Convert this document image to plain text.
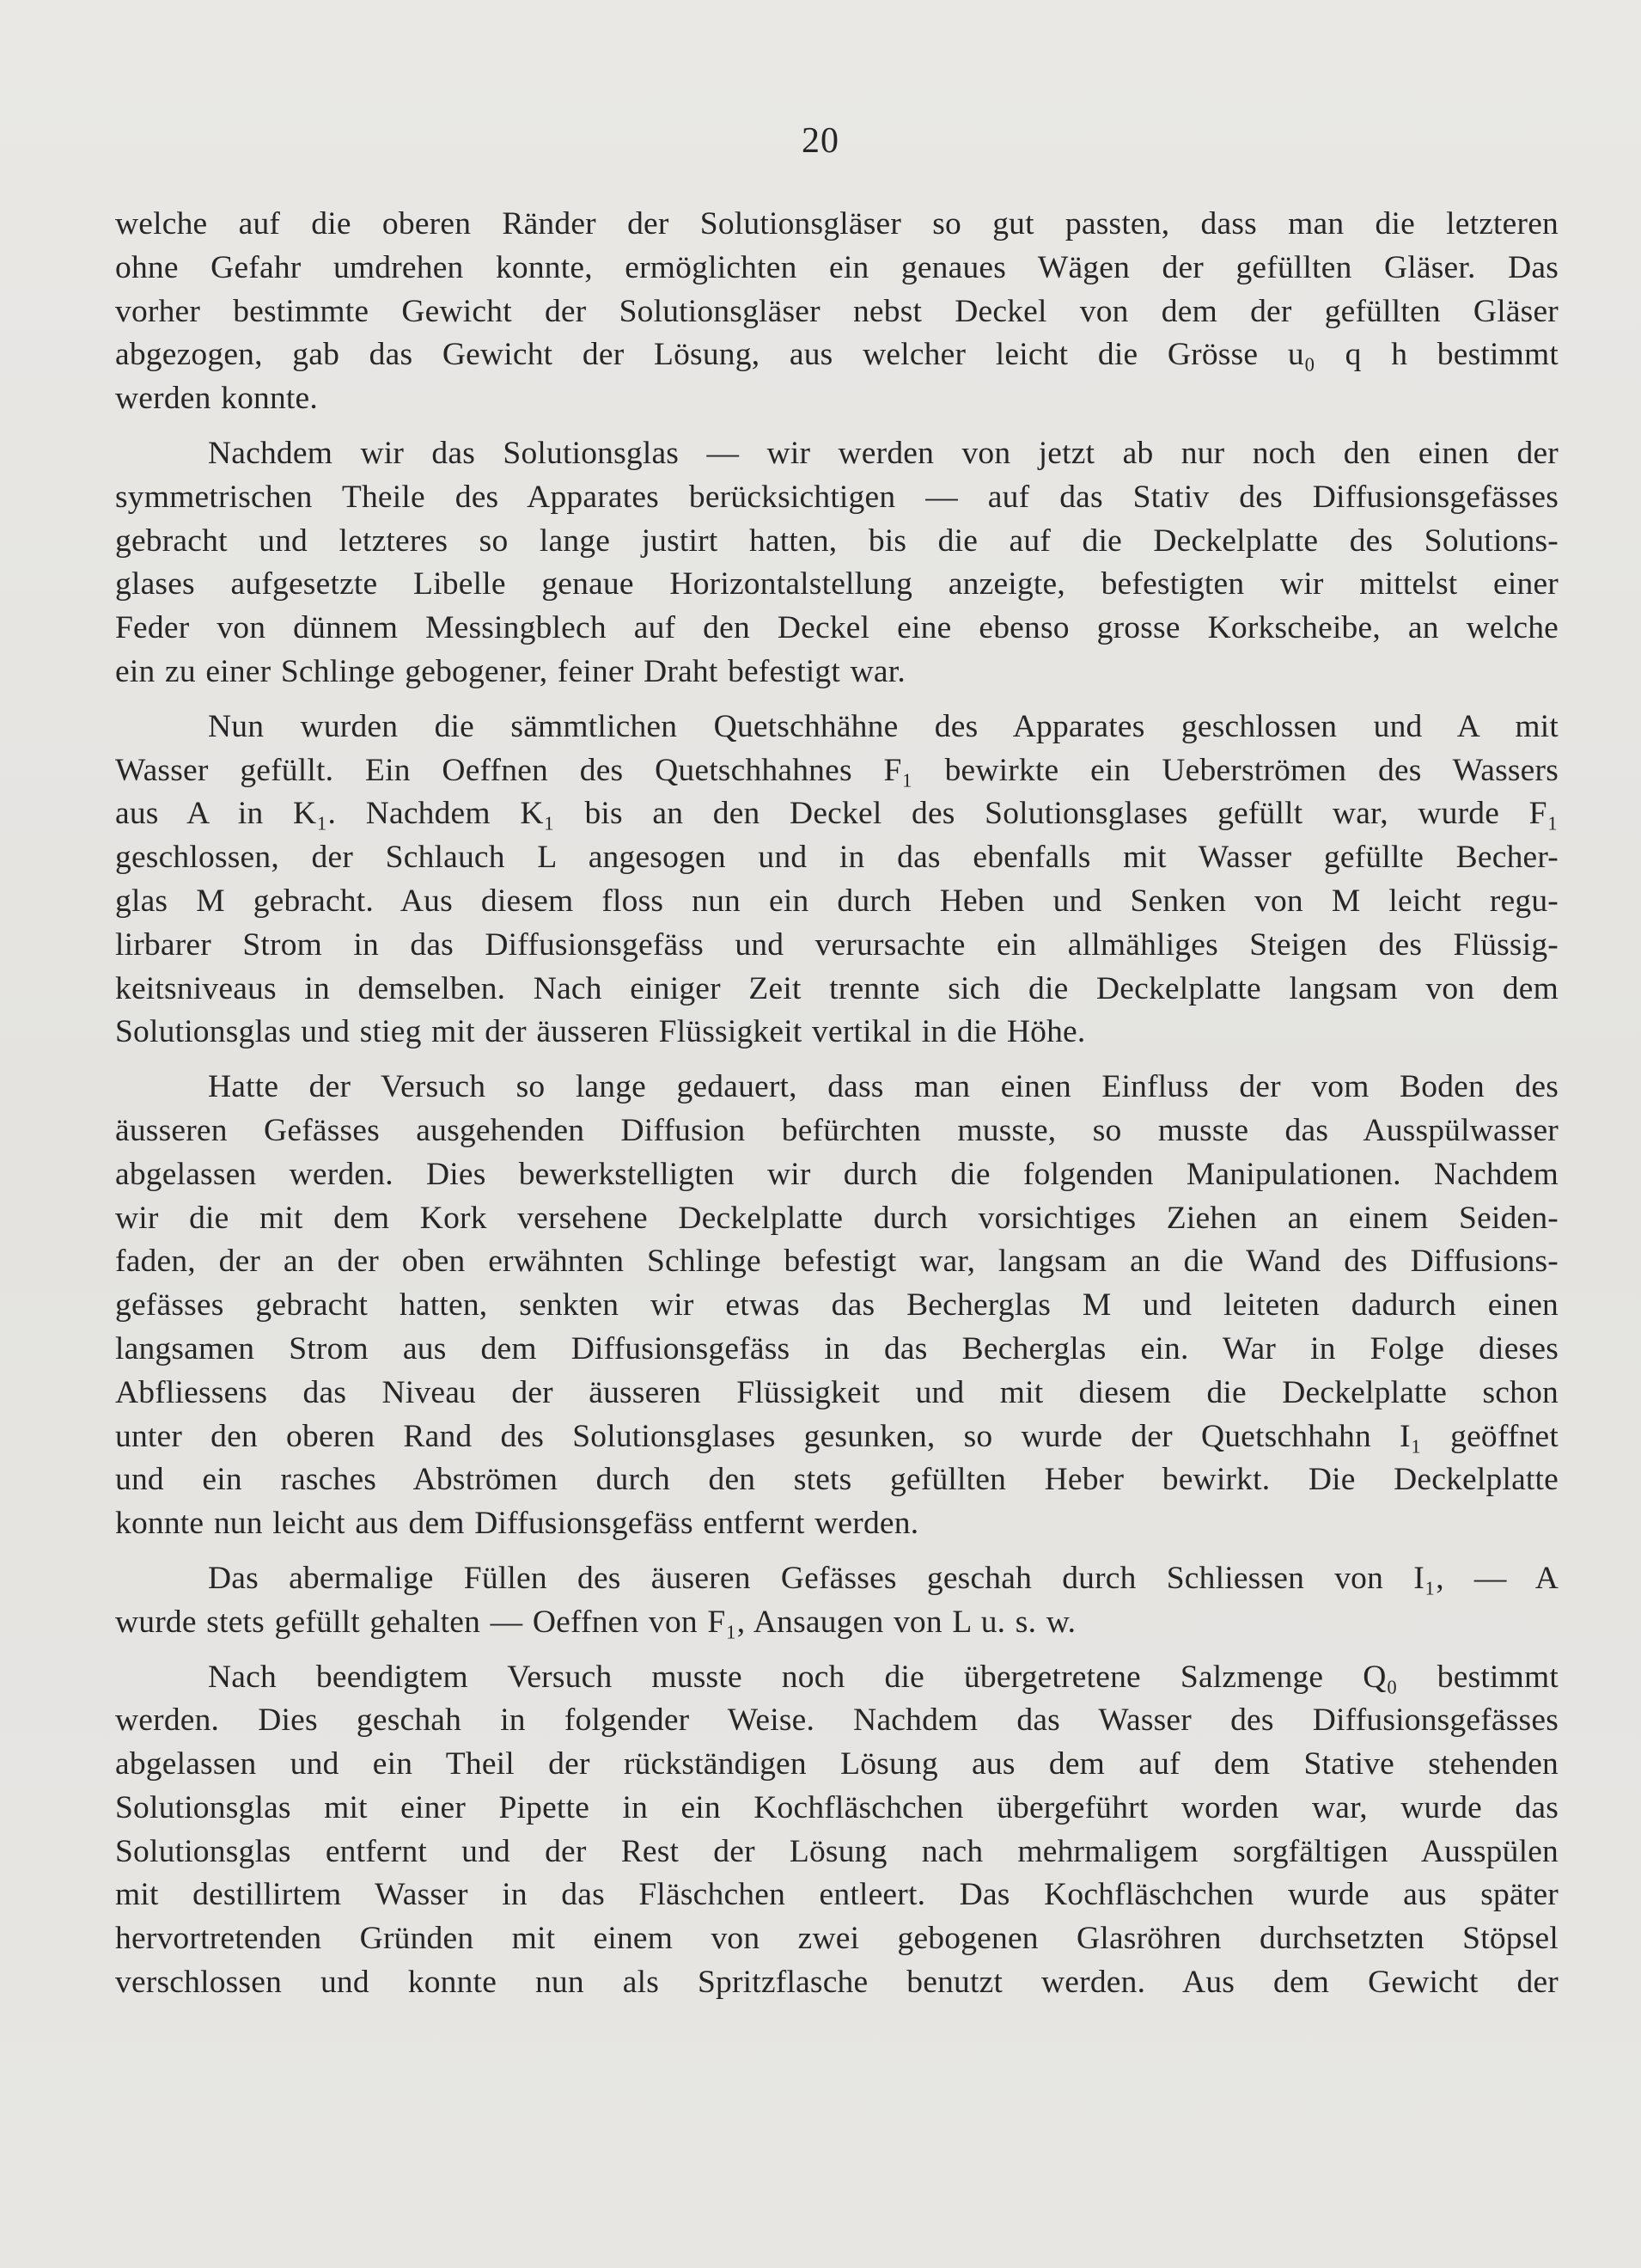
20

welche auf die oberen Ränder der Solutionsgläser so gut passten, dass man die letzteren
ohne Gefahr umdrehen konnte, ermöglichten ein genaues Wägen der gefüllten Gläser. Das
vorher bestimmte Gewicht der Solutionsgläser nebst Deckel von dem der gefüllten Gläser
abgezogen, gab das Gewicht der Lösung, aus welcher leicht die Grösse u₀ q h bestimmt
werden konnte.

Nachdem wir das Solutionsglas — wir werden von jetzt ab nur noch den einen der
symmetrischen Theile des Apparates berücksichtigen — auf das Stativ des Diffusionsgefässes
gebracht und letzteres so lange justirt hatten, bis die auf die Deckelplatte des Solutions-
glases aufgesetzte Libelle genaue Horizontalstellung anzeigte, befestigten wir mittelst einer
Feder von dünnem Messingblech auf den Deckel eine ebenso grosse Korkscheibe, an welche
ein zu einer Schlinge gebogener, feiner Draht befestigt war.

Nun wurden die sämmtlichen Quetschhähne des Apparates geschlossen und A mit
Wasser gefüllt. Ein Oeffnen des Quetschhahnes F₁ bewirkte ein Ueberströmen des Wassers
aus A in K₁. Nachdem K₁ bis an den Deckel des Solutionsglases gefüllt war, wurde F₁
geschlossen, der Schlauch L angesogen und in das ebenfalls mit Wasser gefüllte Becher-
glas M gebracht. Aus diesem floss nun ein durch Heben und Senken von M leicht regu-
lirbarer Strom in das Diffusionsgefäss und verursachte ein allmähliges Steigen des Flüssig-
keitsniveaus in demselben. Nach einiger Zeit trennte sich die Deckelplatte langsam von dem
Solutionsglas und stieg mit der äusseren Flüssigkeit vertikal in die Höhe.

Hatte der Versuch so lange gedauert, dass man einen Einfluss der vom Boden des
äusseren Gefässes ausgehenden Diffusion befürchten musste, so musste das Ausspülwasser
abgelassen werden. Dies bewerkstelligten wir durch die folgenden Manipulationen. Nachdem
wir die mit dem Kork versehene Deckelplatte durch vorsichtiges Ziehen an einem Seiden-
faden, der an der oben erwähnten Schlinge befestigt war, langsam an die Wand des Diffusions-
gefässes gebracht hatten, senkten wir etwas das Becherglas M und leiteten dadurch einen
langsamen Strom aus dem Diffusionsgefäss in das Becherglas ein. War in Folge dieses
Abfliessens das Niveau der äusseren Flüssigkeit und mit diesem die Deckelplatte schon
unter den oberen Rand des Solutionsglases gesunken, so wurde der Quetschhahn I₁ geöffnet
und ein rasches Abströmen durch den stets gefüllten Heber bewirkt. Die Deckelplatte
konnte nun leicht aus dem Diffusionsgefäss entfernt werden.

Das abermalige Füllen des äuseren Gefässes geschah durch Schliessen von I₁, — A
wurde stets gefüllt gehalten — Oeffnen von F₁, Ansaugen von L u. s. w.

Nach beendigtem Versuch musste noch die übergetretene Salzmenge Q₀ bestimmt
werden. Dies geschah in folgender Weise. Nachdem das Wasser des Diffusionsgefässes
abgelassen und ein Theil der rückständigen Lösung aus dem auf dem Stative stehenden
Solutionsglas mit einer Pipette in ein Kochfläschchen übergeführt worden war, wurde das
Solutionsglas entfernt und der Rest der Lösung nach mehrmaligem sorgfältigen Ausspülen
mit destillirtem Wasser in das Fläschchen entleert. Das Kochfläschchen wurde aus später
hervortretenden Gründen mit einem von zwei gebogenen Glasröhren durchsetzten Stöpsel
verschlossen und konnte nun als Spritzflasche benutzt werden. Aus dem Gewicht der
